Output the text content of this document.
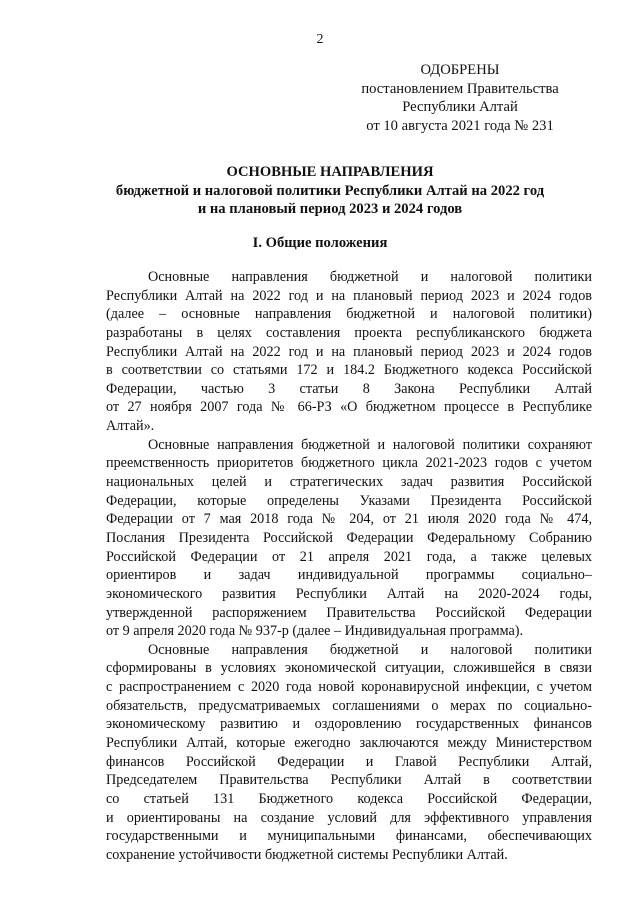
2
ОДОБРЕНЫ
постановлением Правительства
Республики Алтай
от 10 августа 2021 года № 231
ОСНОВНЫЕ НАПРАВЛЕНИЯ
бюджетной и налоговой политики Республики Алтай на 2022 год
и на плановый период 2023 и 2024 годов
I. Общие положения
Основные направления бюджетной и налоговой политики
Республики Алтай на 2022 год и на плановый период 2023 и 2024 годов
(далее – основные направления бюджетной и налоговой политики)
разработаны в целях составления проекта республиканского бюджета
Республики Алтай на 2022 год и на плановый период 2023 и 2024 годов
в соответствии со статьями 172 и 184.2 Бюджетного кодекса Российской
Федерации, частью 3 статьи 8 Закона Республики Алтай
от 27 ноября 2007 года № 66-РЗ «О бюджетном процессе в Республике
Алтай».
Основные направления бюджетной и налоговой политики сохраняют
преемственность приоритетов бюджетного цикла 2021-2023 годов с учетом
национальных целей и стратегических задач развития Российской
Федерации, которые определены Указами Президента Российской
Федерации от 7 мая 2018 года № 204, от 21 июля 2020 года № 474,
Послания Президента Российской Федерации Федеральному Собранию
Российской Федерации от 21 апреля 2021 года, а также целевых
ориентиров и задач индивидуальной программы социально–
экономического развития Республики Алтай на 2020-2024 годы,
утвержденной распоряжением Правительства Российской Федерации
от 9 апреля 2020 года № 937-р (далее – Индивидуальная программа).
Основные направления бюджетной и налоговой политики
сформированы в условиях экономической ситуации, сложившейся в связи
с распространением с 2020 года новой коронавирусной инфекции, с учетом
обязательств, предусматриваемых соглашениями о мерах по социально-
экономическому развитию и оздоровлению государственных финансов
Республики Алтай, которые ежегодно заключаются между Министерством
финансов Российской Федерации и Главой Республики Алтай,
Председателем Правительства Республики Алтай в соответствии
со статьей 131 Бюджетного кодекса Российской Федерации,
и ориентированы на создание условий для эффективного управления
государственными и муниципальными финансами, обеспечивающих
сохранение устойчивости бюджетной системы Республики Алтай.
